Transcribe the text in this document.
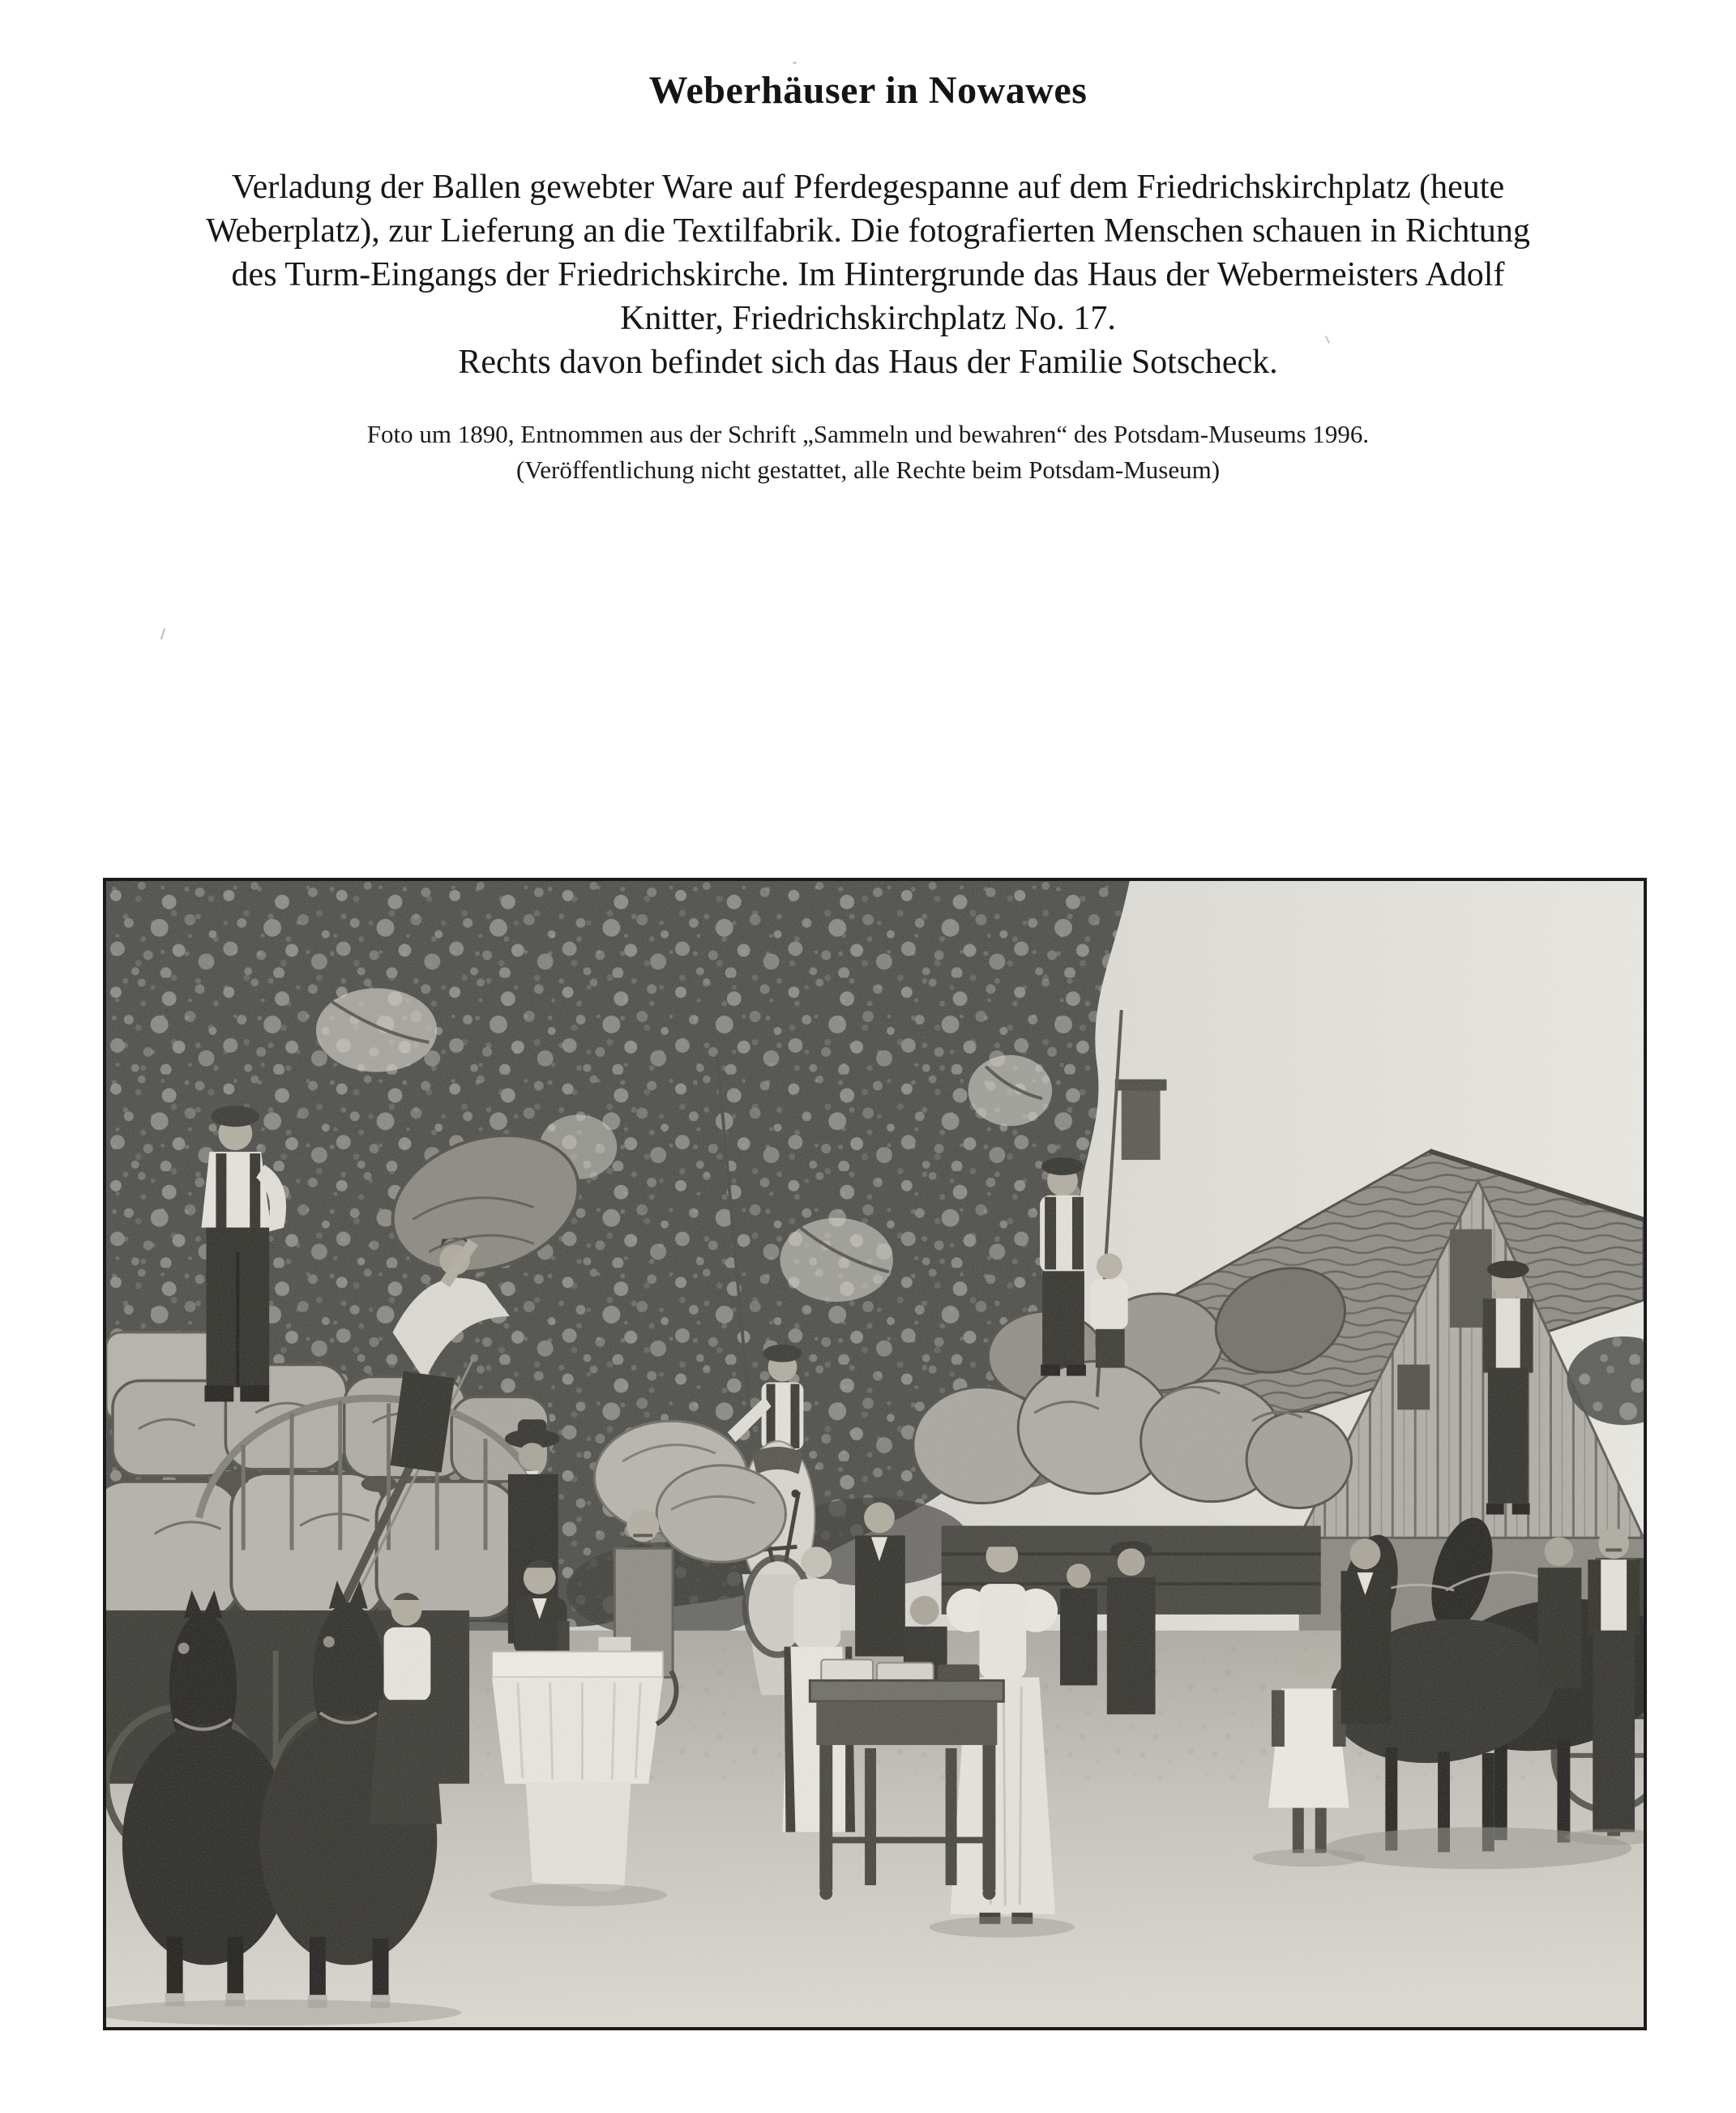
Weberhäuser in Nowawes

Verladung der Ballen gewebter Ware auf Pferdegespanne auf dem Friedrichskirchplatz (heute
Weberplatz), zur Lieferung an die Textilfabrik. Die fotografierten Menschen schauen in Richtung
des Turm-Eingangs der Friedrichskirche. Im Hintergrunde das Haus der Webermeisters Adolf
Knitter, Friedrichskirchplatz No. 17.
Rechts davon befindet sich das Haus der Familie Sotscheck.

Foto um 1890, Entnommen aus der Schrift „Sammeln und bewahren“ des Potsdam-Museums 1996.
(Veröffentlichung nicht gestattet, alle Rechte beim Potsdam-Museum)
